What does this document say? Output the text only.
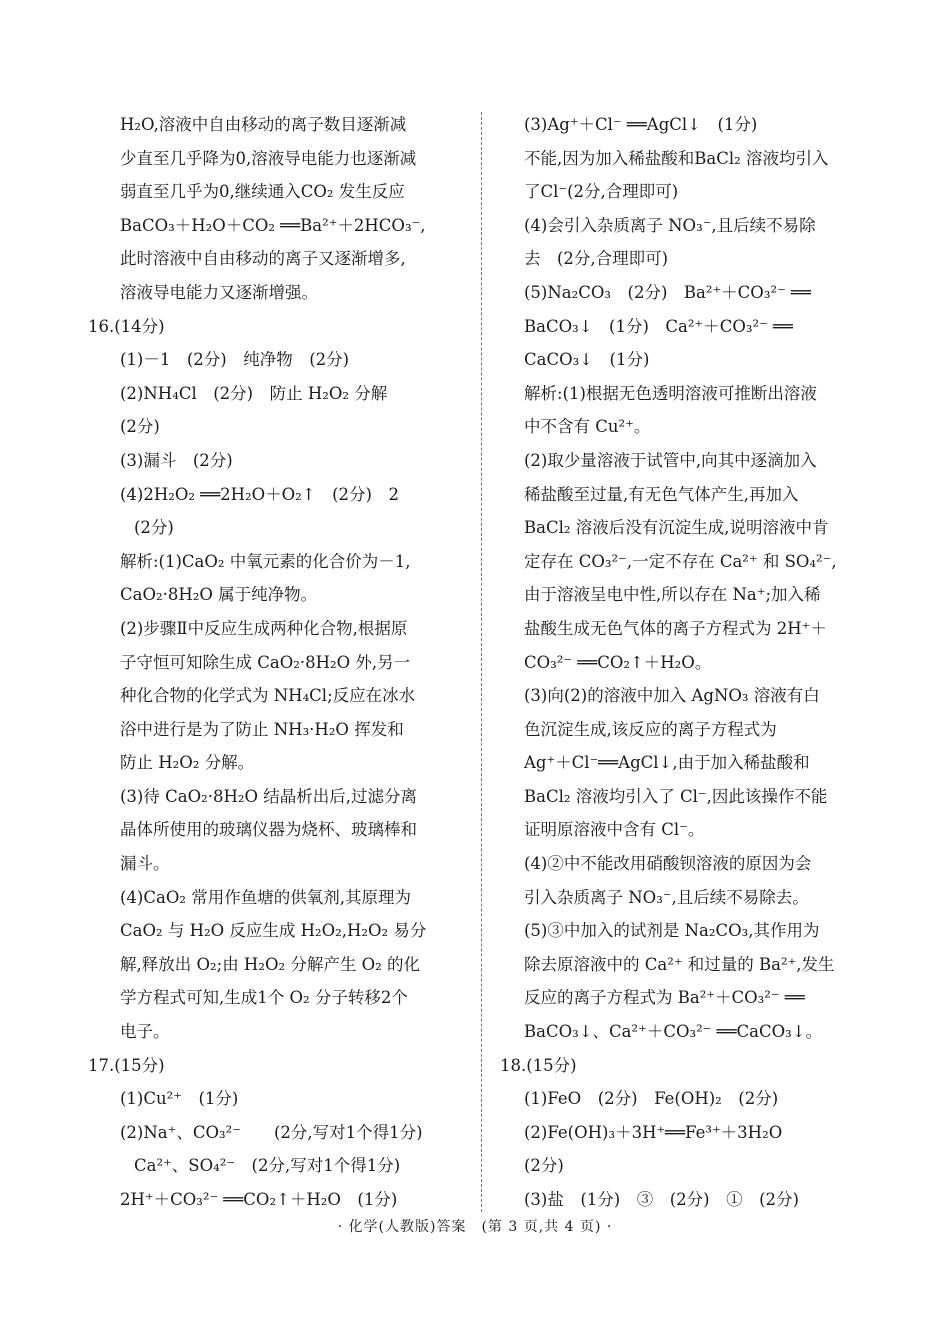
H₂O,溶液中自由移动的离子数目逐渐减
少直至几乎降为0,溶液导电能力也逐渐减
弱直至几乎为0,继续通入CO₂ 发生反应
BaCO₃＋H₂O＋CO₂ ══Ba²⁺＋2HCO₃⁻,
此时溶液中自由移动的离子又逐渐增多,
溶液导电能力又逐渐增强。
16.(14分)
(1)－1　(2分)　纯净物　(2分)
(2)NH₄Cl　(2分)　防止 H₂O₂ 分解
(2分)
(3)漏斗　(2分)
(4)2H₂O₂ ══2H₂O＋O₂↑　(2分)　2
(2分)
解析:(1)CaO₂ 中氧元素的化合价为－1,
CaO₂·8H₂O 属于纯净物。
(2)步骤Ⅱ中反应生成两种化合物,根据原
子守恒可知除生成 CaO₂·8H₂O 外,另一
种化合物的化学式为 NH₄Cl;反应在冰水
浴中进行是为了防止 NH₃·H₂O 挥发和
防止 H₂O₂ 分解。
(3)待 CaO₂·8H₂O 结晶析出后,过滤分离
晶体所使用的玻璃仪器为烧杯、玻璃棒和
漏斗。
(4)CaO₂ 常用作鱼塘的供氧剂,其原理为
CaO₂ 与 H₂O 反应生成 H₂O₂,H₂O₂ 易分
解,释放出 O₂;由 H₂O₂ 分解产生 O₂ 的化
学方程式可知,生成1个 O₂ 分子转移2个
电子。
17.(15分)
(1)Cu²⁺　(1分)
(2)Na⁺、CO₃²⁻　　(2分,写对1个得1分)
Ca²⁺、SO₄²⁻　(2分,写对1个得1分)
2H⁺＋CO₃²⁻ ══CO₂↑＋H₂O　(1分)
(3)Ag⁺＋Cl⁻ ══AgCl↓　(1分)
不能,因为加入稀盐酸和BaCl₂ 溶液均引入
了Cl⁻(2分,合理即可)
(4)会引入杂质离子 NO₃⁻,且后续不易除
去　(2分,合理即可)
(5)Na₂CO₃　(2分)　Ba²⁺＋CO₃²⁻ ══
BaCO₃↓　(1分)　Ca²⁺＋CO₃²⁻ ══
CaCO₃↓　(1分)
解析:(1)根据无色透明溶液可推断出溶液
中不含有 Cu²⁺。
(2)取少量溶液于试管中,向其中逐滴加入
稀盐酸至过量,有无色气体产生,再加入
BaCl₂ 溶液后没有沉淀生成,说明溶液中肯
定存在 CO₃²⁻,一定不存在 Ca²⁺ 和 SO₄²⁻,
由于溶液呈电中性,所以存在 Na⁺;加入稀
盐酸生成无色气体的离子方程式为 2H⁺＋
CO₃²⁻ ══CO₂↑＋H₂O。
(3)向(2)的溶液中加入 AgNO₃ 溶液有白
色沉淀生成,该反应的离子方程式为
Ag⁺＋Cl⁻══AgCl↓,由于加入稀盐酸和
BaCl₂ 溶液均引入了 Cl⁻,因此该操作不能
证明原溶液中含有 Cl⁻。
(4)②中不能改用硝酸钡溶液的原因为会
引入杂质离子 NO₃⁻,且后续不易除去。
(5)③中加入的试剂是 Na₂CO₃,其作用为
除去原溶液中的 Ca²⁺ 和过量的 Ba²⁺,发生
反应的离子方程式为 Ba²⁺＋CO₃²⁻ ══
BaCO₃↓、Ca²⁺＋CO₃²⁻ ══CaCO₃↓。
18.(15分)
(1)FeO　(2分)　Fe(OH)₂　(2分)
(2)Fe(OH)₃＋3H⁺══Fe³⁺＋3H₂O
(2分)
(3)盐　(1分)　③　(2分)　①　(2分)
· 化学(人教版)答案　(第 3 页,共 4 页) ·
